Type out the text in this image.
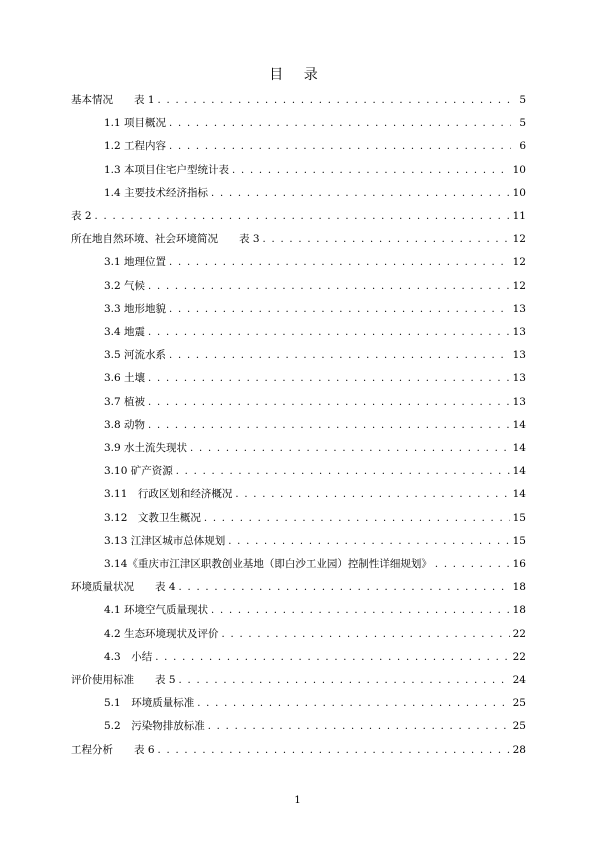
目 录
基本情况　　表 1 . . .	5
1.1 项目概况 . . .	5
1.2 工程内容 . . .	6
1.3 本项目住宅户型统计表 . . .	10
1.4 主要技术经济指标 . . .	10
表 2 . . .	11
所在地自然环境、社会环境简况　　表 3 . . .	12
3.1 地理位置 . . .	12
3.2 气候 . . .	12
3.3 地形地貌 . . .	13
3.4 地震 . . .	13
3.5 河流水系 . . .	13
3.6 土壤 . . .	13
3.7 植被 . . .	13
3.8 动物 . . .	14
3.9 水土流失现状 . . .	14
3.10 矿产资源 . . .	14
3.11　行政区划和经济概况 . . .	14
3.12　文教卫生概况 . . .	15
3.13 江津区城市总体规划 . . .	15
3.14《重庆市江津区职教创业基地（即白沙工业园）控制性详细规划》 . . .	16
环境质量状况　　表 4 . . .	18
4.1 环境空气质量现状 . . .	18
4.2 生态环境现状及评价 . . .	22
4.3　小结 . . .	22
评价使用标准　　表 5 . . .	24
5.1　环境质量标准 . . .	25
5.2　污染物排放标准 . . .	25
工程分析　　表 6 . . .	28
1
